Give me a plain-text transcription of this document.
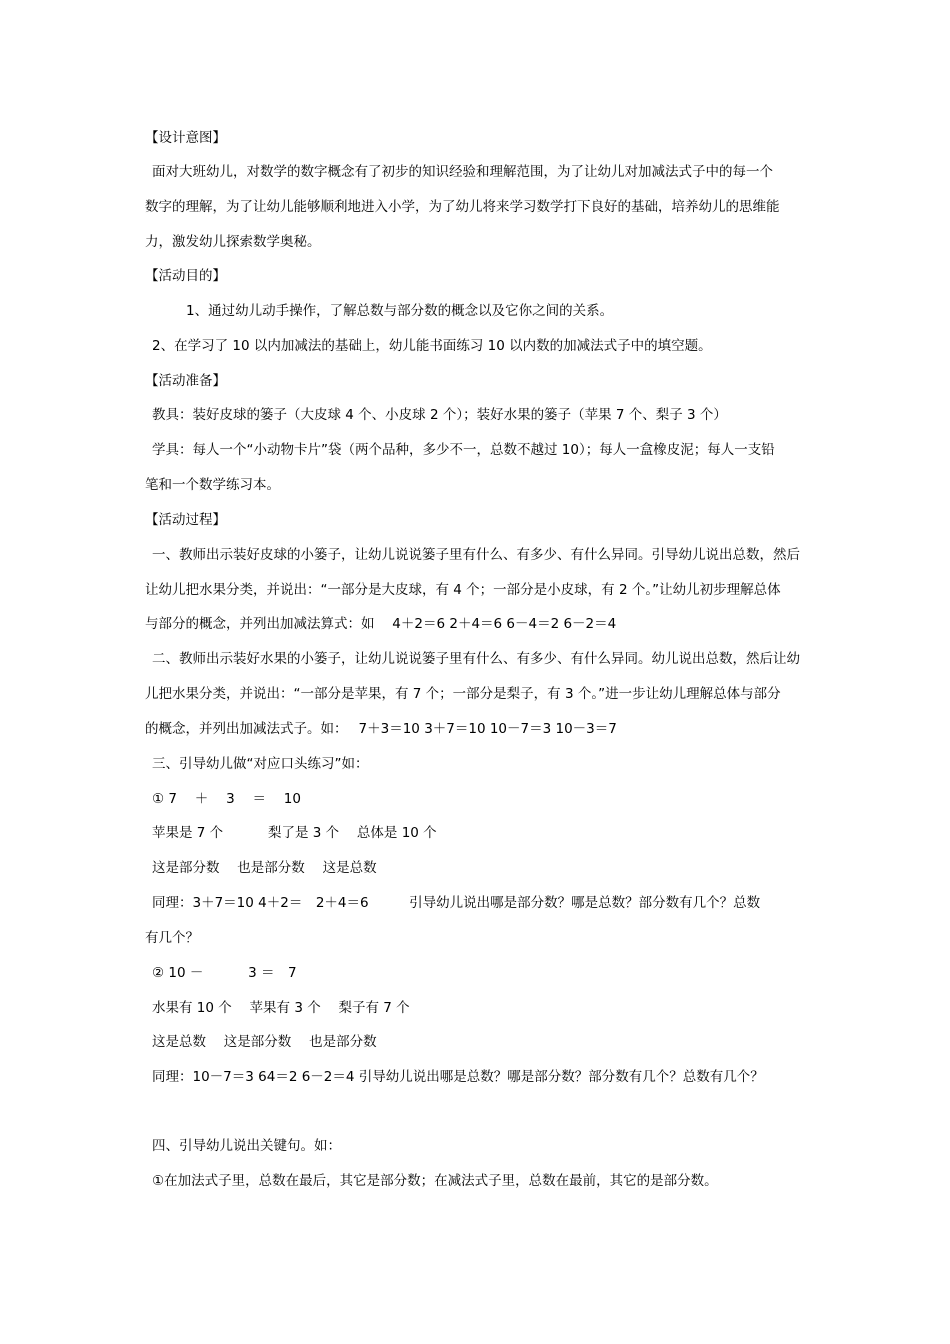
【设计意图】

面对大班幼儿，对数学的数字概念有了初步的知识经验和理解范围，为了让幼儿对加减法式子中的每一个

数字的理解，为了让幼儿能够顺利地进入小学，为了幼儿将来学习数学打下良好的基础，培养幼儿的思维能

力，激发幼儿探索数学奥秘。

【活动目的】

1、通过幼儿动手操作，了解总数与部分数的概念以及它你之间的关系。

2、在学习了 10 以内加减法的基础上，幼儿能书面练习 10 以内数的加减法式子中的填空题。

【活动准备】

教具：装好皮球的篓子（大皮球 4 个、小皮球 2 个）；装好水果的篓子（苹果 7 个、梨子 3 个）

学具：每人一个“小动物卡片”袋（两个品种，多少不一，总数不越过 10）；每人一盒橡皮泥；每人一支铅

笔和一个数学练习本。

【活动过程】

一、教师出示装好皮球的小篓子，让幼儿说说篓子里有什么、有多少、有什么异同。引导幼儿说出总数，然后

让幼儿把水果分类，并说出：“一部分是大皮球，有 4 个；一部分是小皮球，有 2 个。”让幼儿初步理解总体

与部分的概念，并列出加减法算式：如　 4＋2＝6 2＋4＝6 6－4＝2 6－2＝4

二、教师出示装好水果的小篓子，让幼儿说说篓子里有什么、有多少、有什么异同。幼儿说出总数，然后让幼

儿把水果分类，并说出：“一部分是苹果，有 7 个；一部分是梨子，有 3 个。”进一步让幼儿理解总体与部分

的概念，并列出加减法式子。如：　 7＋3＝10 3＋7＝10 10－7＝3 10－3＝7

三、引导幼儿做“对应口头练习”如：

① 7　 ＋　 3　 ＝　 10

苹果是 7 个　　　 梨了是 3 个　 总体是 10 个

这是部分数　 也是部分数　 这是总数

同理：3＋7＝10 4＋2＝　2＋4＝6　　　引导幼儿说出哪是部分数？哪是总数？部分数有几个？总数

有几个？

② 10 －　　　 3 ＝　7

水果有 10 个　 苹果有 3 个　 梨子有 7 个

这是总数　 这是部分数　 也是部分数

同理：10－7＝3 64＝2 6－2＝4 引导幼儿说出哪是总数？哪是部分数？部分数有几个？总数有几个？

四、引导幼儿说出关键句。如：

①在加法式子里，总数在最后，其它是部分数；在减法式子里，总数在最前，其它的是部分数。
